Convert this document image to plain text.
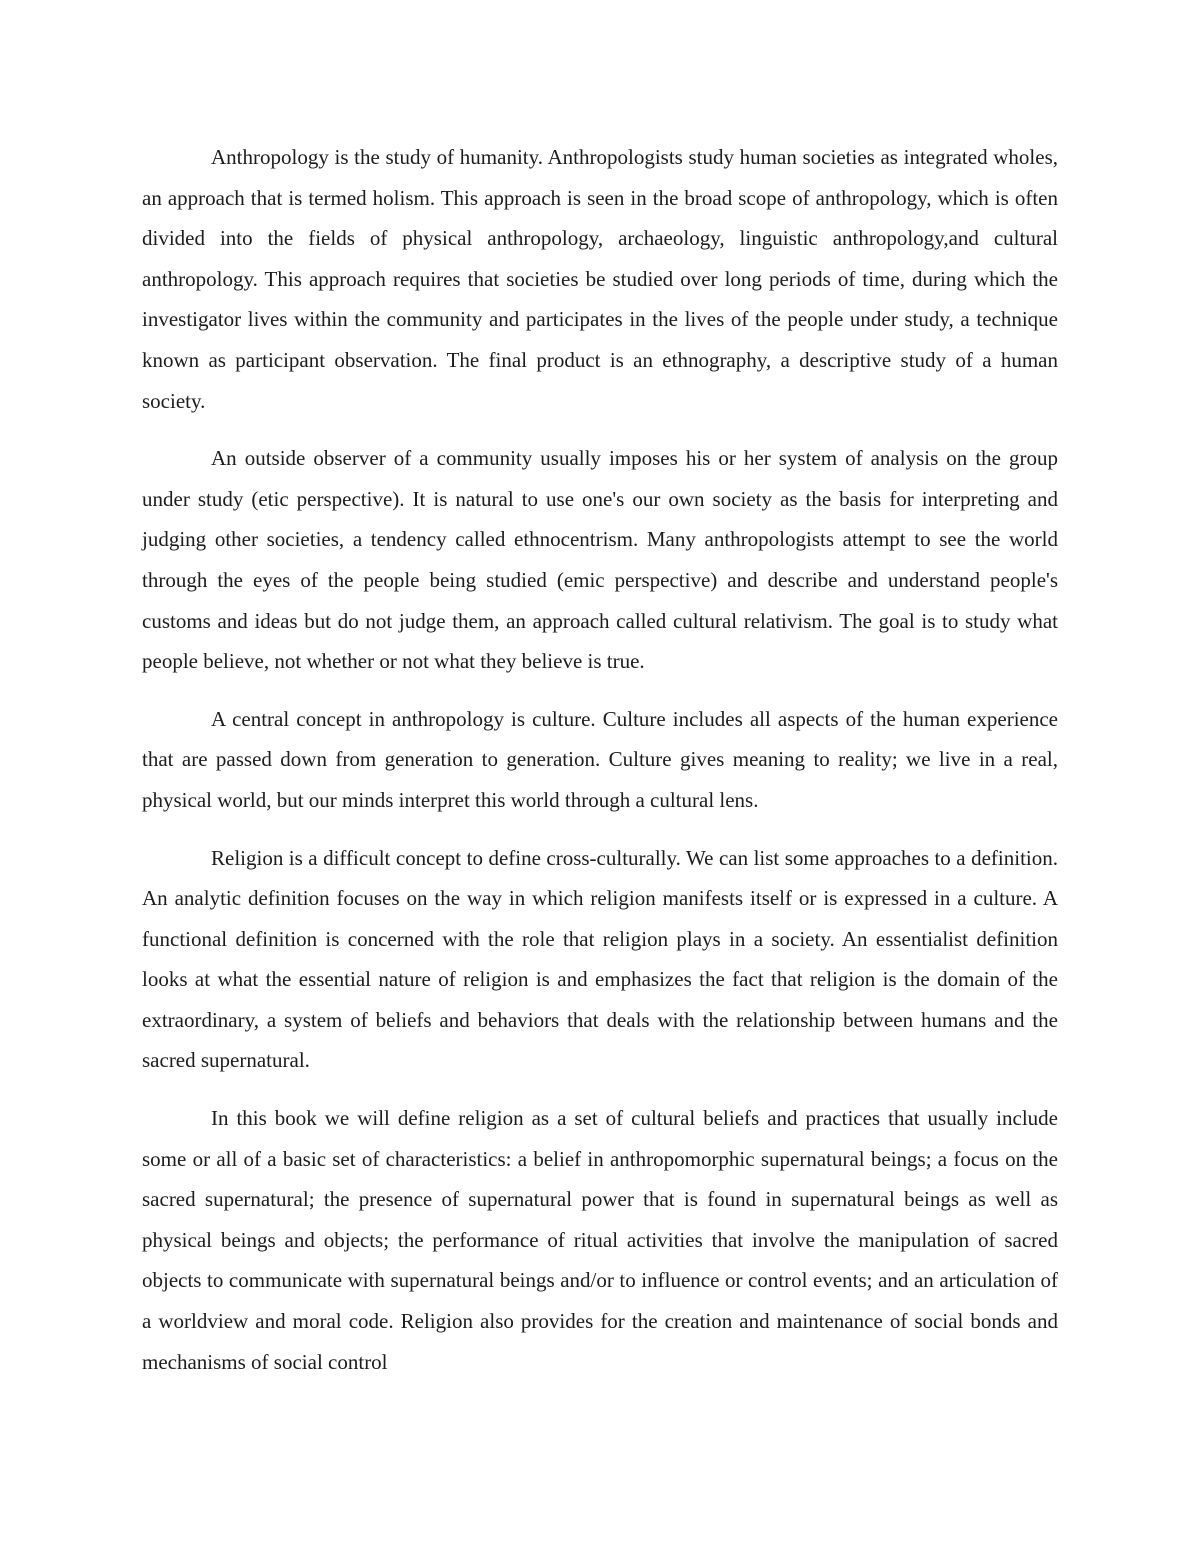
Anthropology is the study of humanity. Anthropologists study human societies as integrated wholes, an approach that is termed holism. This approach is seen in the broad scope of anthropology, which is often divided into the fields of physical anthropology, archaeology, linguistic anthropology,and cultural anthropology. This approach requires that societies be studied over long periods of time, during which the investigator lives within the community and participates in the lives of the people under study, a technique known as participant observation. The final product is an ethnography, a descriptive study of a human society.

An outside observer of a community usually imposes his or her system of analysis on the group under study (etic perspective). It is natural to use one's our own society as the basis for interpreting and judging other societies, a tendency called ethnocentrism. Many anthropologists attempt to see the world through the eyes of the people being studied (emic perspective) and describe and understand people's customs and ideas but do not judge them, an approach called cultural relativism. The goal is to study what people believe, not whether or not what they believe is true.

A central concept in anthropology is culture. Culture includes all aspects of the human experience that are passed down from generation to generation. Culture gives meaning to reality; we live in a real, physical world, but our minds interpret this world through a cultural lens.

Religion is a difficult concept to define cross-culturally. We can list some approaches to a definition. An analytic definition focuses on the way in which religion manifests itself or is expressed in a culture. A functional definition is concerned with the role that religion plays in a society. An essentialist definition looks at what the essential nature of religion is and emphasizes the fact that religion is the domain of the extraordinary, a system of beliefs and behaviors that deals with the relationship between humans and the sacred supernatural.

In this book we will define religion as a set of cultural beliefs and practices that usually include some or all of a basic set of characteristics: a belief in anthropomorphic supernatural beings; a focus on the sacred supernatural; the presence of supernatural power that is found in supernatural beings as well as physical beings and objects; the performance of ritual activities that involve the manipulation of sacred objects to communicate with supernatural beings and/or to influence or control events; and an articulation of a worldview and moral code. Religion also provides for the creation and maintenance of social bonds and mechanisms of social control
